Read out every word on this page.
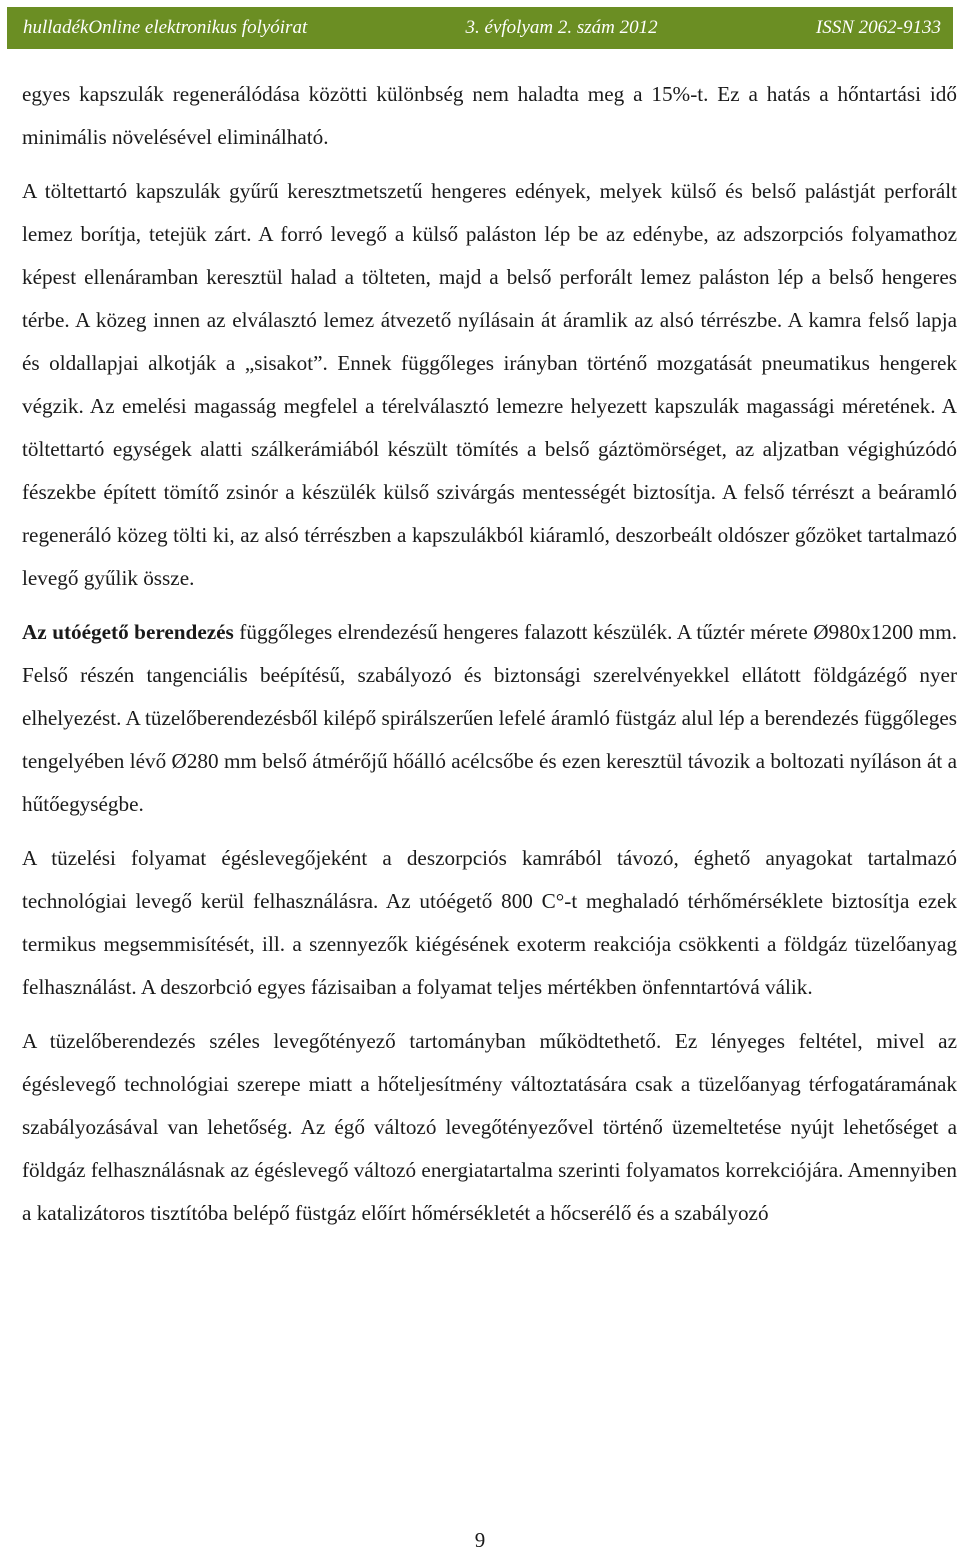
hulladékOnline elektronikus folyóirat	3. évfolyam 2. szám 2012	ISSN 2062-9133

egyes kapszulák regenerálódása közötti különbség nem haladta meg a 15%-t. Ez a hatás a hőntartási idő minimális növelésével eliminálható.

A töltettartó kapszulák gyűrű keresztmetszetű hengeres edények, melyek külső és belső palástját perforált lemez borítja, tetejük zárt. A forró levegő a külső paláston lép be az edénybe, az adszorpciós folyamathoz képest ellenáramban keresztül halad a tölteten, majd a belső perforált lemez paláston lép a belső hengeres térbe. A közeg innen az elválasztó lemez átvezető nyílásain át áramlik az alsó térrészbe. A kamra felső lapja és oldallapjai alkotják a „sisakot”. Ennek függőleges irányban történő mozgatását pneumatikus hengerek végzik. Az emelési magasság megfelel a térelválasztó lemezre helyezett kapszulák magassági méretének. A töltettartó egységek alatti szálkerámiából készült tömítés a belső gáztömörséget, az aljzatban végighúzódó fészekbe épített tömítő zsinór a készülék külső szivárgás mentességét biztosítja. A felső térrészt a beáramló regeneráló közeg tölti ki, az alsó térrészben a kapszulákból kiáramló, deszorbeált oldószer gőzöket tartalmazó levegő gyűlik össze.

Az utóégető berendezés függőleges elrendezésű hengeres falazott készülék. A tűztér mérete Ø980x1200 mm. Felső részén tangenciális beépítésű, szabályozó és biztonsági szerelvényekkel ellátott földgázégő nyer elhelyezést. A tüzelőberendezésből kilépő spirálszerűen lefelé áramló füstgáz alul lép a berendezés függőleges tengelyében lévő Ø280 mm belső átmérőjű hőálló acélcsőbe és ezen keresztül távozik a boltozati nyíláson át a hűtőegységbe.

A tüzelési folyamat égéslevegőjeként a deszorpciós kamrából távozó, éghető anyagokat tartalmazó technológiai levegő kerül felhasználásra. Az utóégető 800 C°-t meghaladó térhőmérséklete biztosítja ezek termikus megsemmisítését, ill. a szennyezők kiégésének exoterm reakciója csökkenti a földgáz tüzelőanyag felhasználást. A deszorbció egyes fázisaiban a folyamat teljes mértékben önfenntartóvá válik.

A tüzelőberendezés széles levegőtényező tartományban működtethető. Ez lényeges feltétel, mivel az égéslevegő technológiai szerepe miatt a hőteljesítmény változtatására csak a tüzelőanyag térfogatáramának szabályozásával van lehetőség. Az égő változó levegőtényezővel történő üzemeltetése nyújt lehetőséget a földgáz felhasználásnak az égéslevegő változó energiatartalma szerinti folyamatos korrekciójára. Amennyiben a katalizátoros tisztítóba belépő füstgáz előírt hőmérsékletét a hőcserélő és a szabályozó

9
